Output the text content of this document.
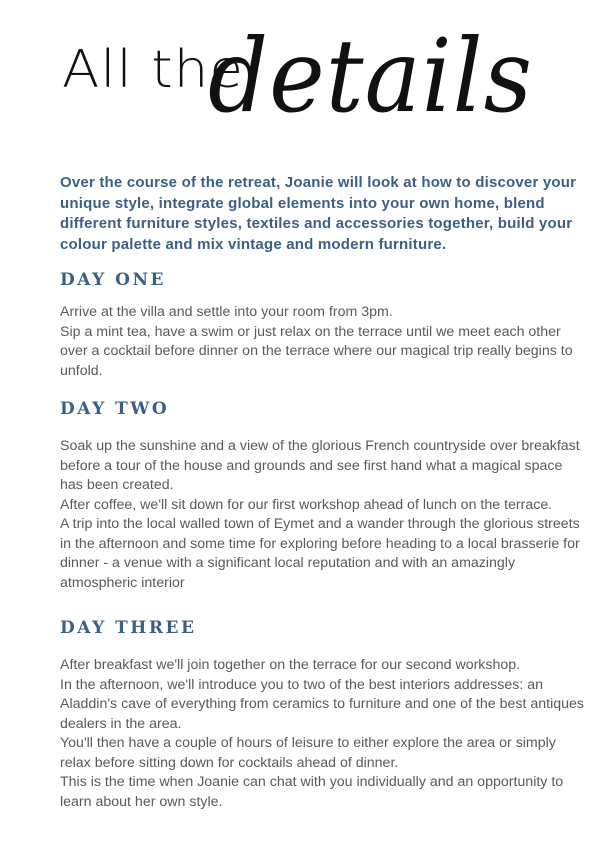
All the
details
Over the course of the retreat, Joanie will look at how to discover your unique style, integrate global elements into your own home, blend different furniture styles, textiles and accessories together, build your colour palette and mix vintage and modern furniture.
DAY ONE

Arrive at the villa and settle into your room from 3pm.

Sip a mint tea, have a swim or just relax on the terrace until we meet each other over a cocktail before dinner on the terrace where our magical trip really begins to unfold.

DAY TWO

Soak up the sunshine and a view of the glorious French countryside over breakfast before a tour of the house and grounds and see first hand what a magical space has been created.

After coffee, we'll sit down for our first workshop ahead of lunch on the terrace.

A trip into the local walled town of Eymet and a wander through the glorious streets in the afternoon and some time for exploring before heading to a local brasserie for dinner - a venue with a significant local reputation and with an amazingly atmospheric interior

DAY THREE

After breakfast we'll join together on the terrace for our second workshop.

In the afternoon, we'll introduce you to two of the best interiors addresses: an Aladdin's cave of everything from ceramics to furniture and one of the best antiques dealers in the area.

You'll then have a couple of hours of leisure to either explore the area or simply relax before sitting down for cocktails ahead of dinner.

This is the time when Joanie can chat with you individually and an opportunity to learn about her own style.
